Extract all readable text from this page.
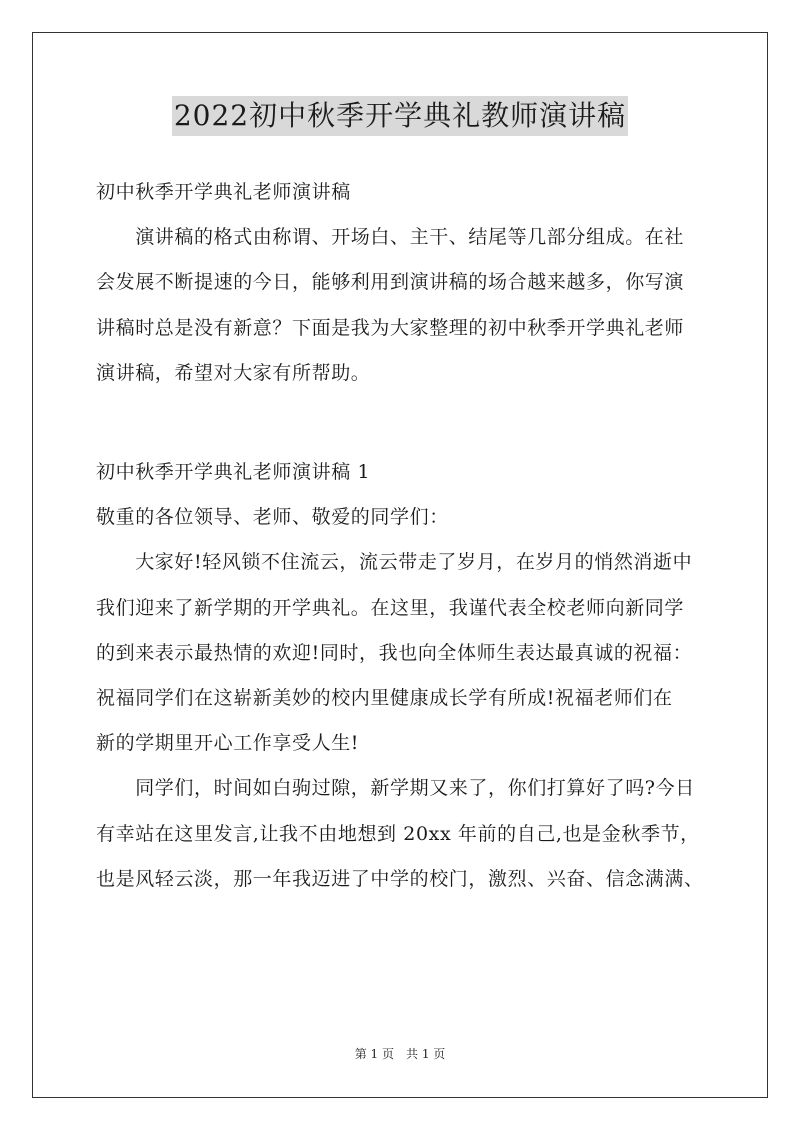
2022初中秋季开学典礼教师演讲稿
初中秋季开学典礼老师演讲稿
　　演讲稿的格式由称谓、开场白、主干、结尾等几部分组成。在社
会发展不断提速的今日，能够利用到演讲稿的场合越来越多，你写演
讲稿时总是没有新意？下面是我为大家整理的初中秋季开学典礼老师
演讲稿，希望对大家有所帮助。
初中秋季开学典礼老师演讲稿 1
敬重的各位领导、老师、敬爱的同学们：
　　大家好!轻风锁不住流云，流云带走了岁月，在岁月的悄然消逝中
我们迎来了新学期的开学典礼。在这里，我谨代表全校老师向新同学
的到来表示最热情的欢迎!同时，我也向全体师生表达最真诚的祝福：
祝福同学们在这崭新美妙的校内里健康成长学有所成!祝福老师们在
新的学期里开心工作享受人生!
　　同学们，时间如白驹过隙，新学期又来了，你们打算好了吗?今日
有幸站在这里发言,让我不由地想到 20xx 年前的自己,也是金秋季节，
也是风轻云淡，那一年我迈进了中学的校门，激烈、兴奋、信念满满、
第 1 页　共 1 页
